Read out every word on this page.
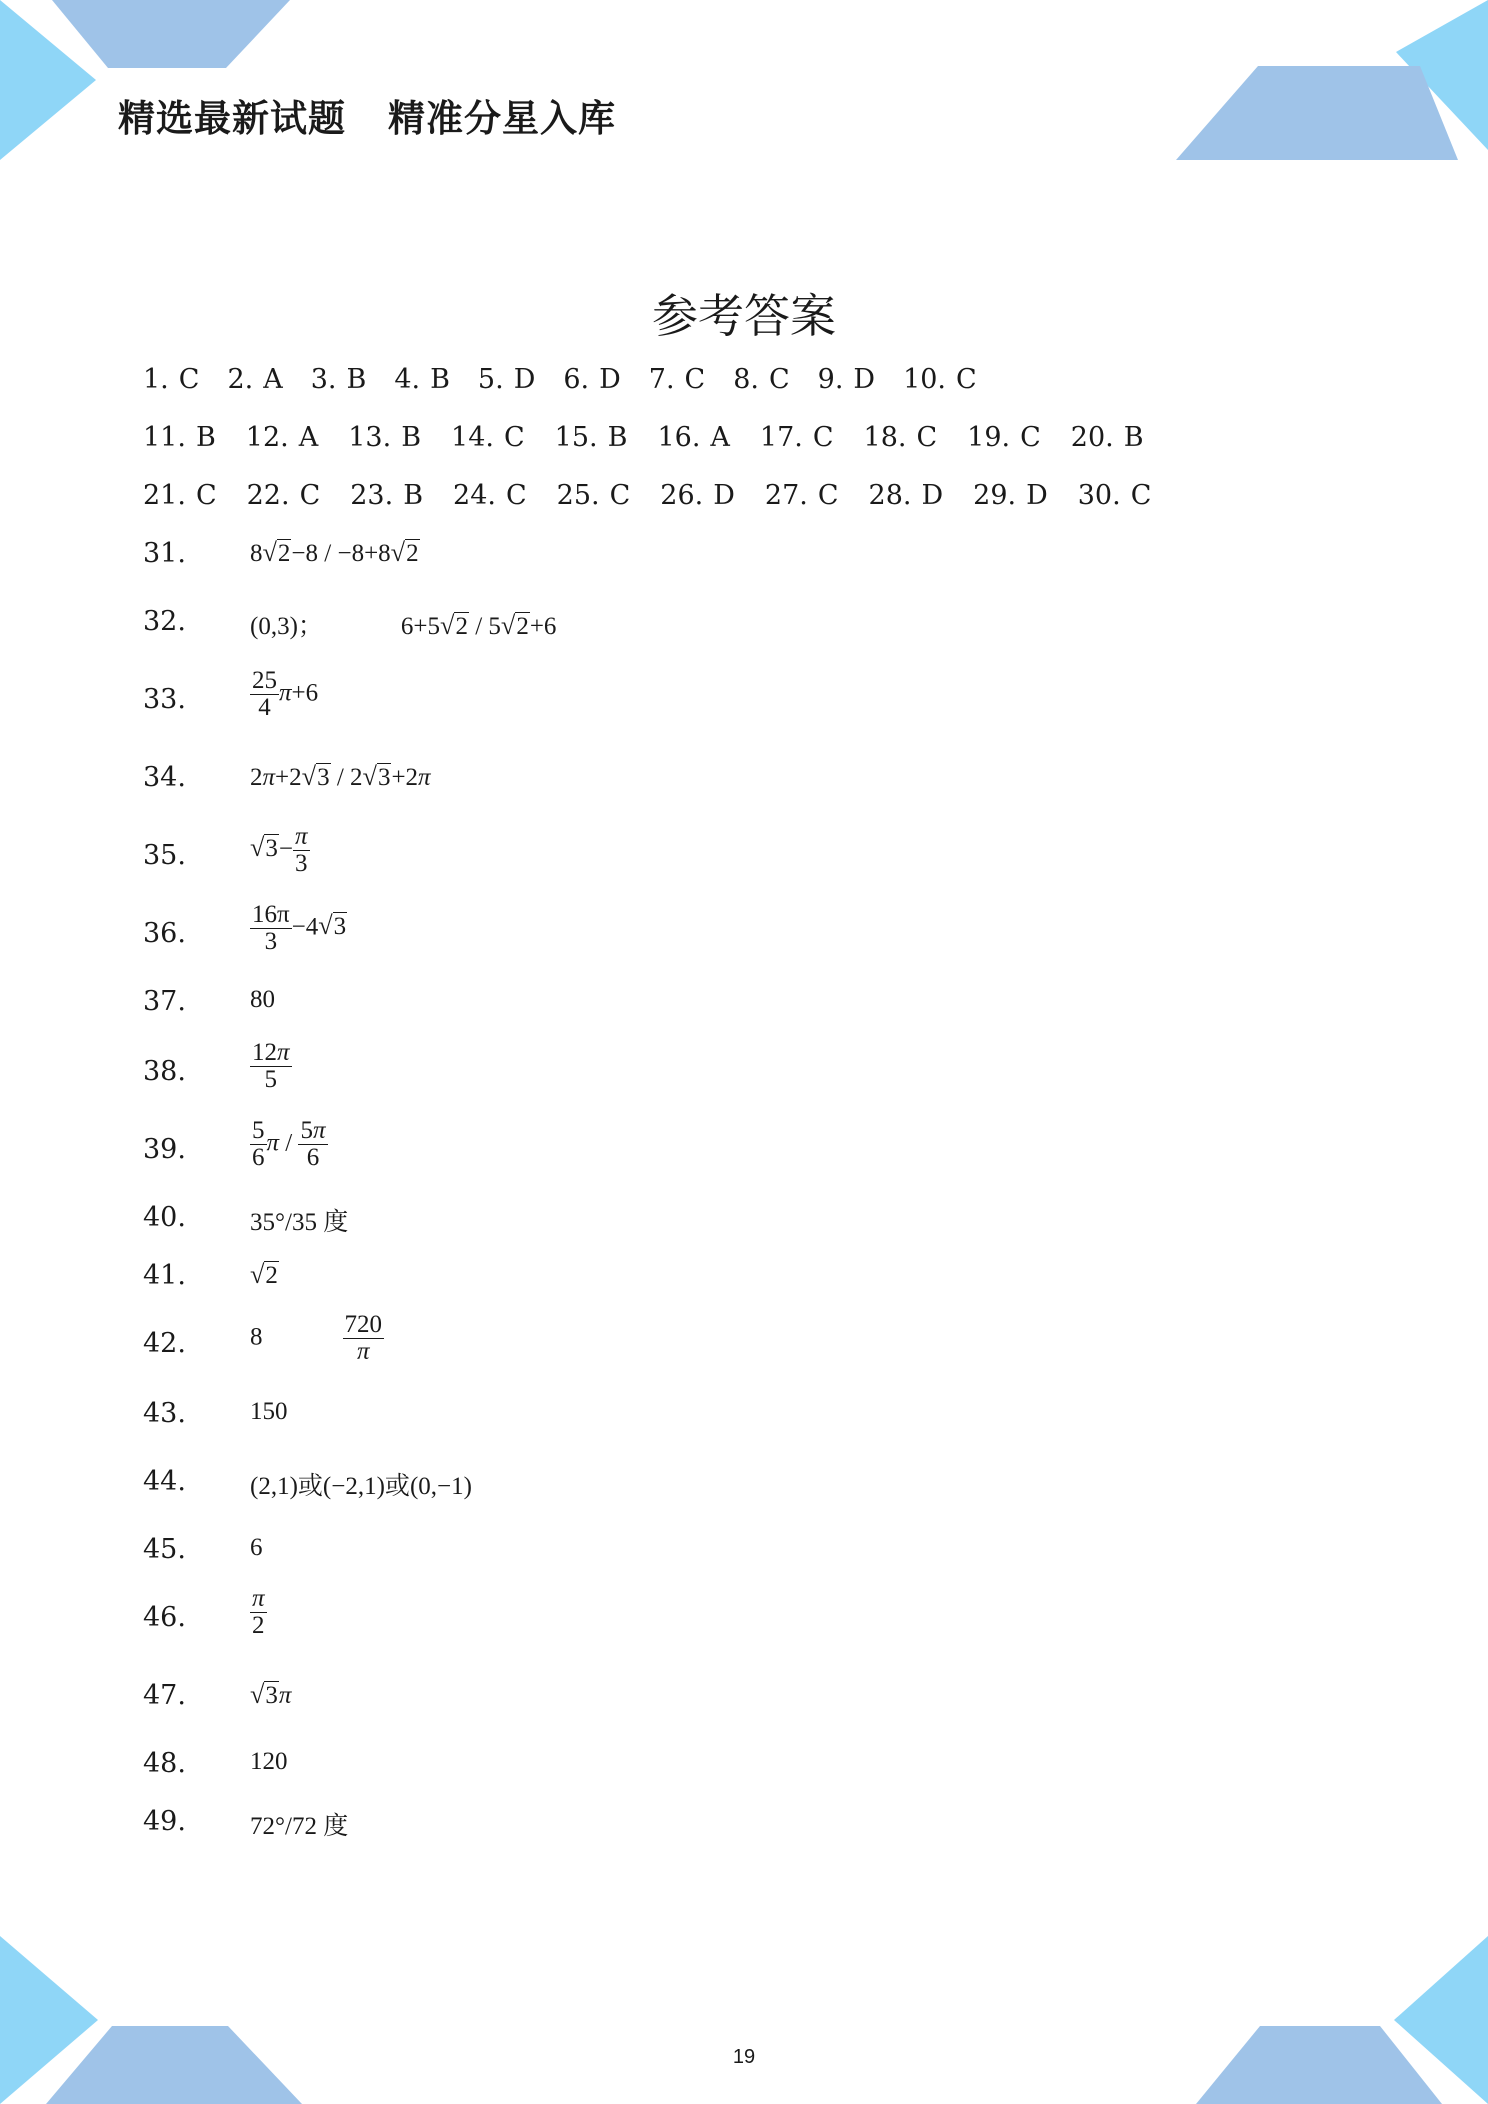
精选最新试题 精准分星入库
参考答案
1. C 2. A 3. B 4. B 5. D 6. D 7. C 8. C 9. D 10. C
11. B 12. A 13. B 14. C 15. B 16. A 17. C 18. C 19. C 20. B
21. C 22. C 23. B 24. C 25. C 26. D 27. C 28. D 29. D 30. C
31.	8√2−8 / −8+8√2
32.	(0,3)；	6+5√2 / 5√2+6
33.	$\frac{25}{4} \pi+6$
34.	2π+2√3 / 2√3+2π
35. $√3- \frac{\pi}{3}$
36.	$\frac{16\pi}{3} -4√3$
37.	80
38.	$\frac{12\pi}{5}$
39.	$\frac{5}{6}$ π / $\frac{5\pi}{6}$
40.	35°/35 度
41. √2
42.	8	$\frac{720}{\pi}$
43.	150
44.	(2,1)或(−2,1)或(0,−1)
45.	6
46.	$\frac{\pi}{2}$
47. √3π
48.	120
49.	72°/72 度
19
